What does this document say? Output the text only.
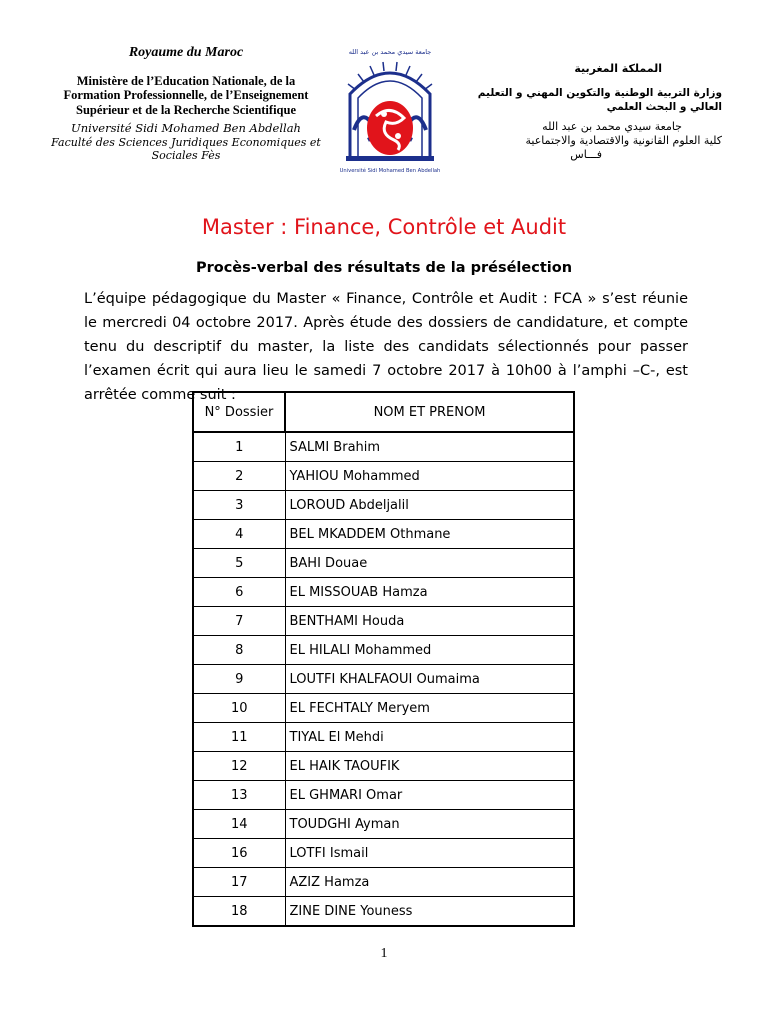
Royaume du Maroc
Ministère de l’Education Nationale, de la
Formation Professionnelle, de l’Enseignement
Supérieur et de la Recherche Scientifique
Université Sidi Mohamed Ben Abdellah
Faculté des Sciences Juridiques Economiques et Sociales Fès
جامعة سيدي محمد بن عبد الله
Université Sidi Mohamed Ben Abdellah
المملكة المغربية
وزارة التربية الوطنية والتكوين المهني و التعليم العالي و البحث العلمي
جامعة سيدي محمد بن عبد الله
كلية العلوم القانونية والاقتصادية والاجتماعية
فـــاس
Master : Finance, Contrôle et Audit
Procès-verbal des résultats de la présélection
L’équipe pédagogique du Master « Finance, Contrôle et Audit : FCA » s’est réunie le mercredi 04 octobre 2017. Après étude des dossiers de candidature, et compte tenu du descriptif du master, la liste des candidats sélectionnés pour passer l’examen écrit qui aura lieu le samedi 7 octobre 2017 à 10h00 à l’amphi –C-, est arrêtée comme suit :
N° Dossier	NOM ET PRENOM
1	SALMI Brahim
2	YAHIOU Mohammed
3	LOROUD Abdeljalil
4	BEL MKADDEM Othmane
5	BAHI Douae
6	EL MISSOUAB Hamza
7	BENTHAMI Houda
8	EL HILALI Mohammed
9	LOUTFI KHALFAOUI Oumaima
10	EL FECHTALY Meryem
11	TIYAL El Mehdi
12	EL HAIK TAOUFIK
13	EL GHMARI Omar
14	TOUDGHI Ayman
16	LOTFI Ismail
17	AZIZ Hamza
18	ZINE DINE Youness
1
